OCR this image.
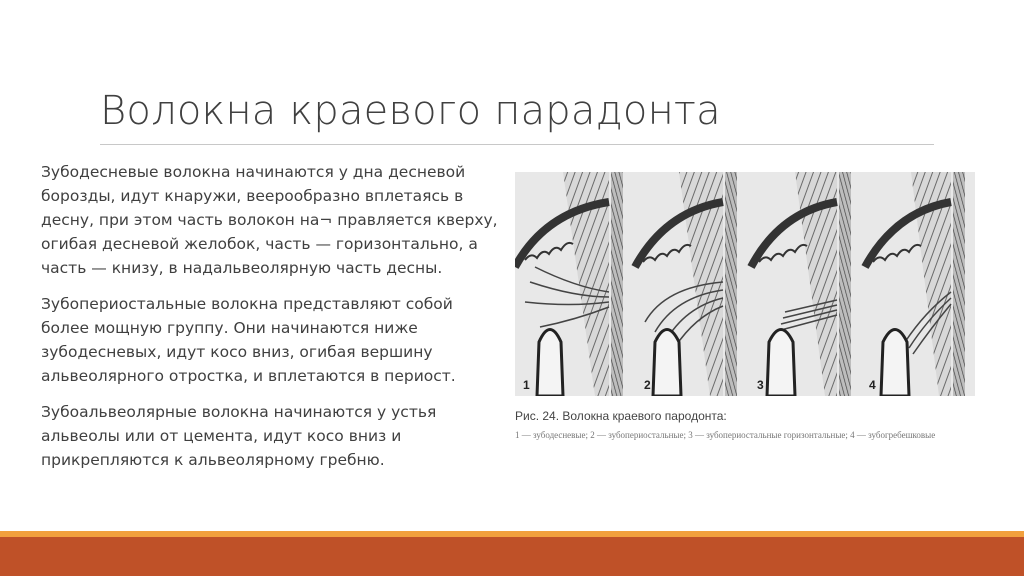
Волокна краевого парадонта

Зубодесневые волокна начинаются у дна десневой борозды, идут кнаружи, веерообразно вплетаясь в десну, при этом часть волокон на¬ правляется кверху, огибая десневой желобок, часть — горизонтально, а часть — книзу, в надальвеолярную часть десны.

Зубопериостальные волокна представляют собой более мощную группу. Они начинаются ниже зубодесневых, идут косо вниз, огибая вершину альвеолярного отростка, и вплетаются в периост.

Зубоальвеолярные волокна начинаются у устья альвеолы или от цемента, идут косо вниз и прикрепляются к альвеолярному гребню.

1	2	3	4
Рис. 24. Волокна краевого пародонта:
1 — зубодесневые; 2 — зубопериостальные; 3 — зубопериостальные горизонтальные; 4 — зубогребешковые
